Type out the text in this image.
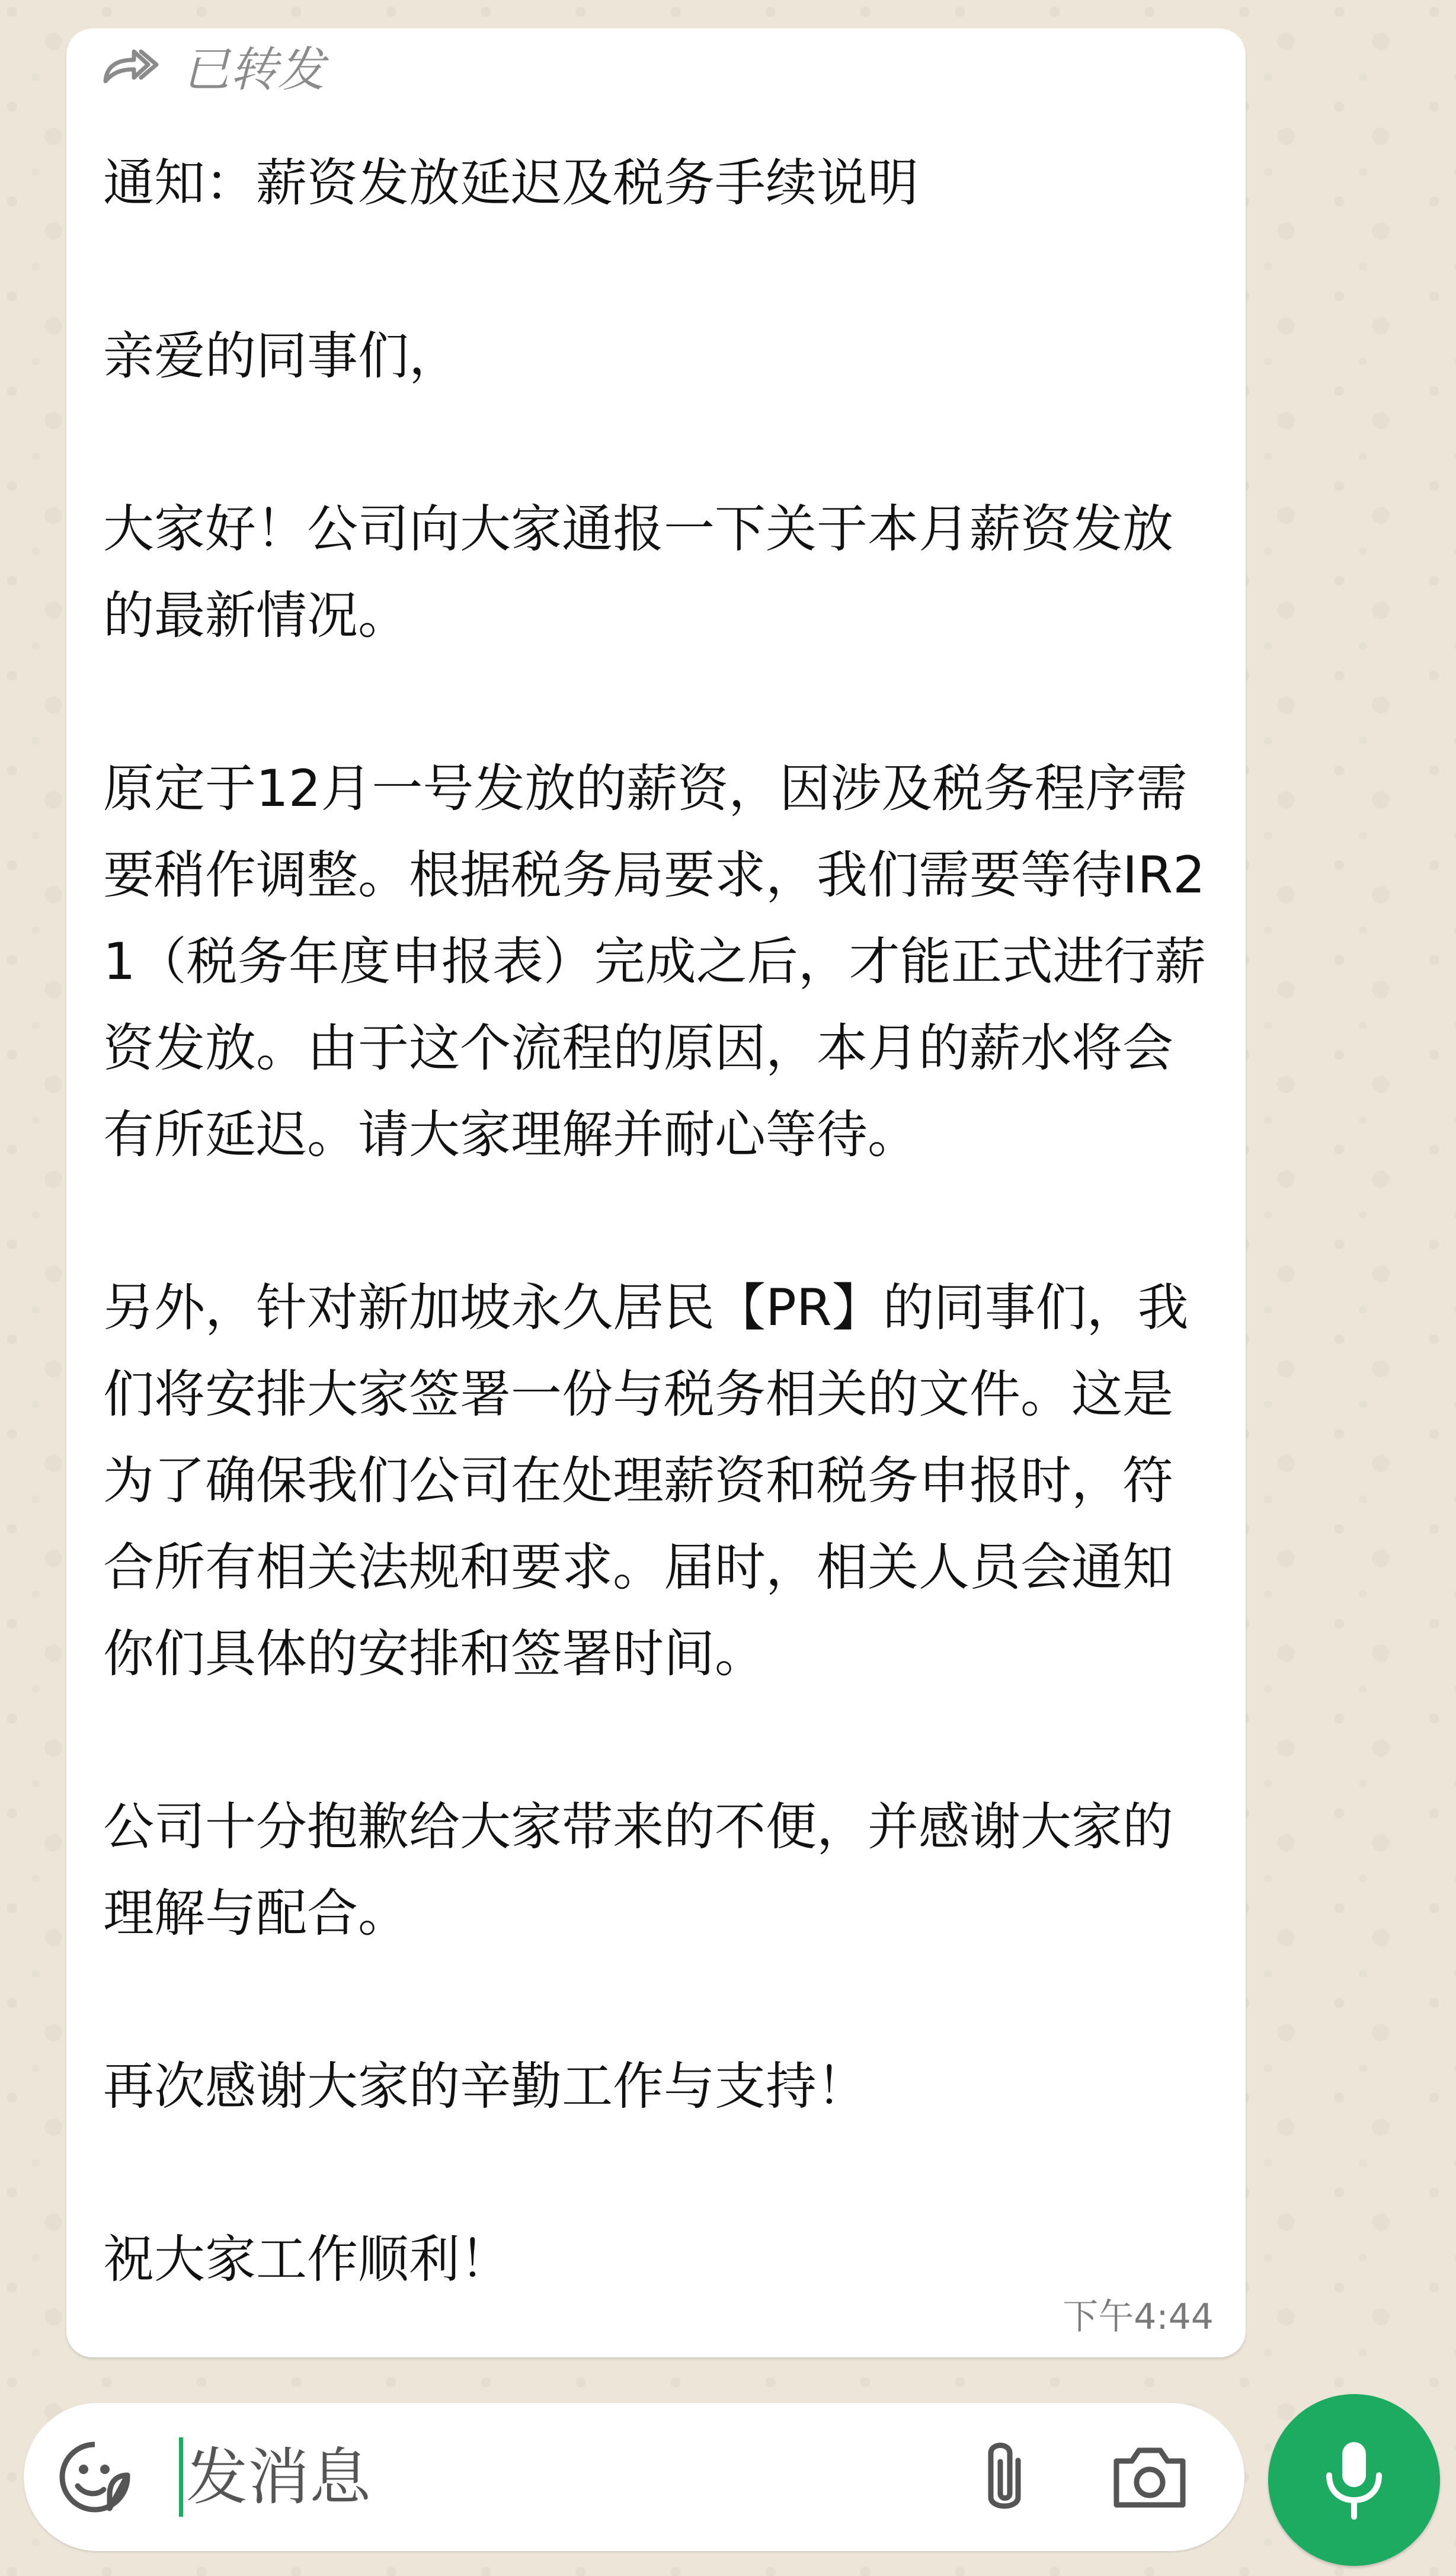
已转发

通知：薪资发放延迟及税务手续说明

亲爱的同事们，

大家好！公司向大家通报一下关于本月薪资发放的最新情况。

原定于12月一号发放的薪资，因涉及税务程序需要稍作调整。根据税务局要求，我们需要等待IR21（税务年度申报表）完成之后，才能正式进行薪资发放。由于这个流程的原因，本月的薪水将会有所延迟。请大家理解并耐心等待。

另外，针对新加坡永久居民【PR】的同事们，我们将安排大家签署一份与税务相关的文件。这是为了确保我们公司在处理薪资和税务申报时，符合所有相关法规和要求。届时，相关人员会通知你们具体的安排和签署时间。

公司十分抱歉给大家带来的不便，并感谢大家的理解与配合。

再次感谢大家的辛勤工作与支持！

祝大家工作顺利！

下午4:44
发消息
